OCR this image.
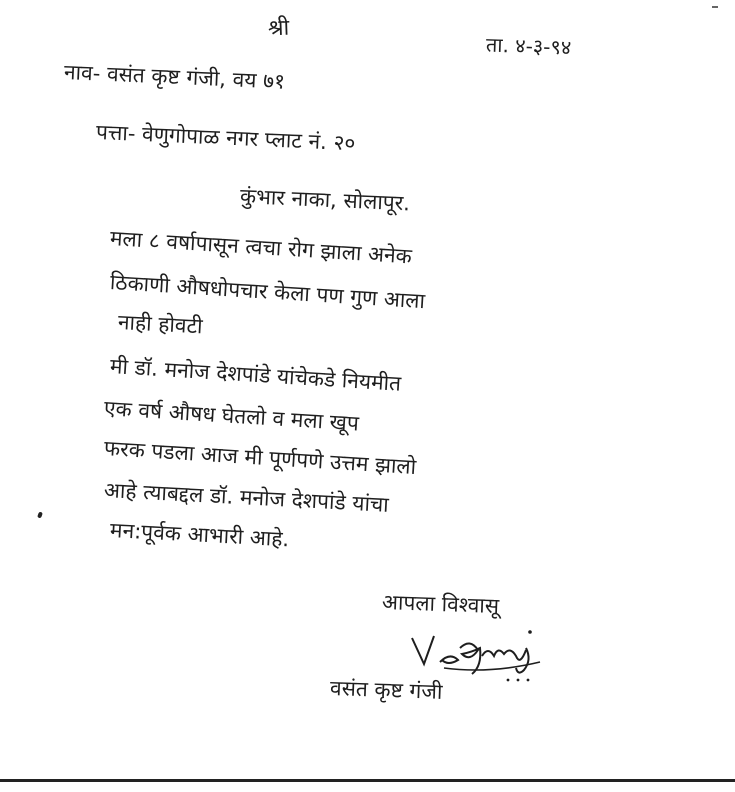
श्री
ता. ४-३-९४
नाव- वसंत कृष्ट गंजी, वय ७१
पत्ता- वेणुगोपाळ नगर प्लाट नं. २०
कुंभार नाका, सोलापूर.
मला ८ वर्षापासून त्वचा रोग झाला अनेक
ठिकाणी औषधोपचार केला पण गुण आला
नाही होवटी
मी डॉ. मनोज देशपांडे यांचेकडे नियमीत
एक वर्ष औषध घेतलो व मला खूप
फरक पडला आज मी पूर्णपणे उत्तम झालो
आहे त्याबद्दल डॉ. मनोज देशपांडे यांचा
मन:पूर्वक आभारी आहे.
आपला विश्वासू
वसंत कृष्ट गंजी
